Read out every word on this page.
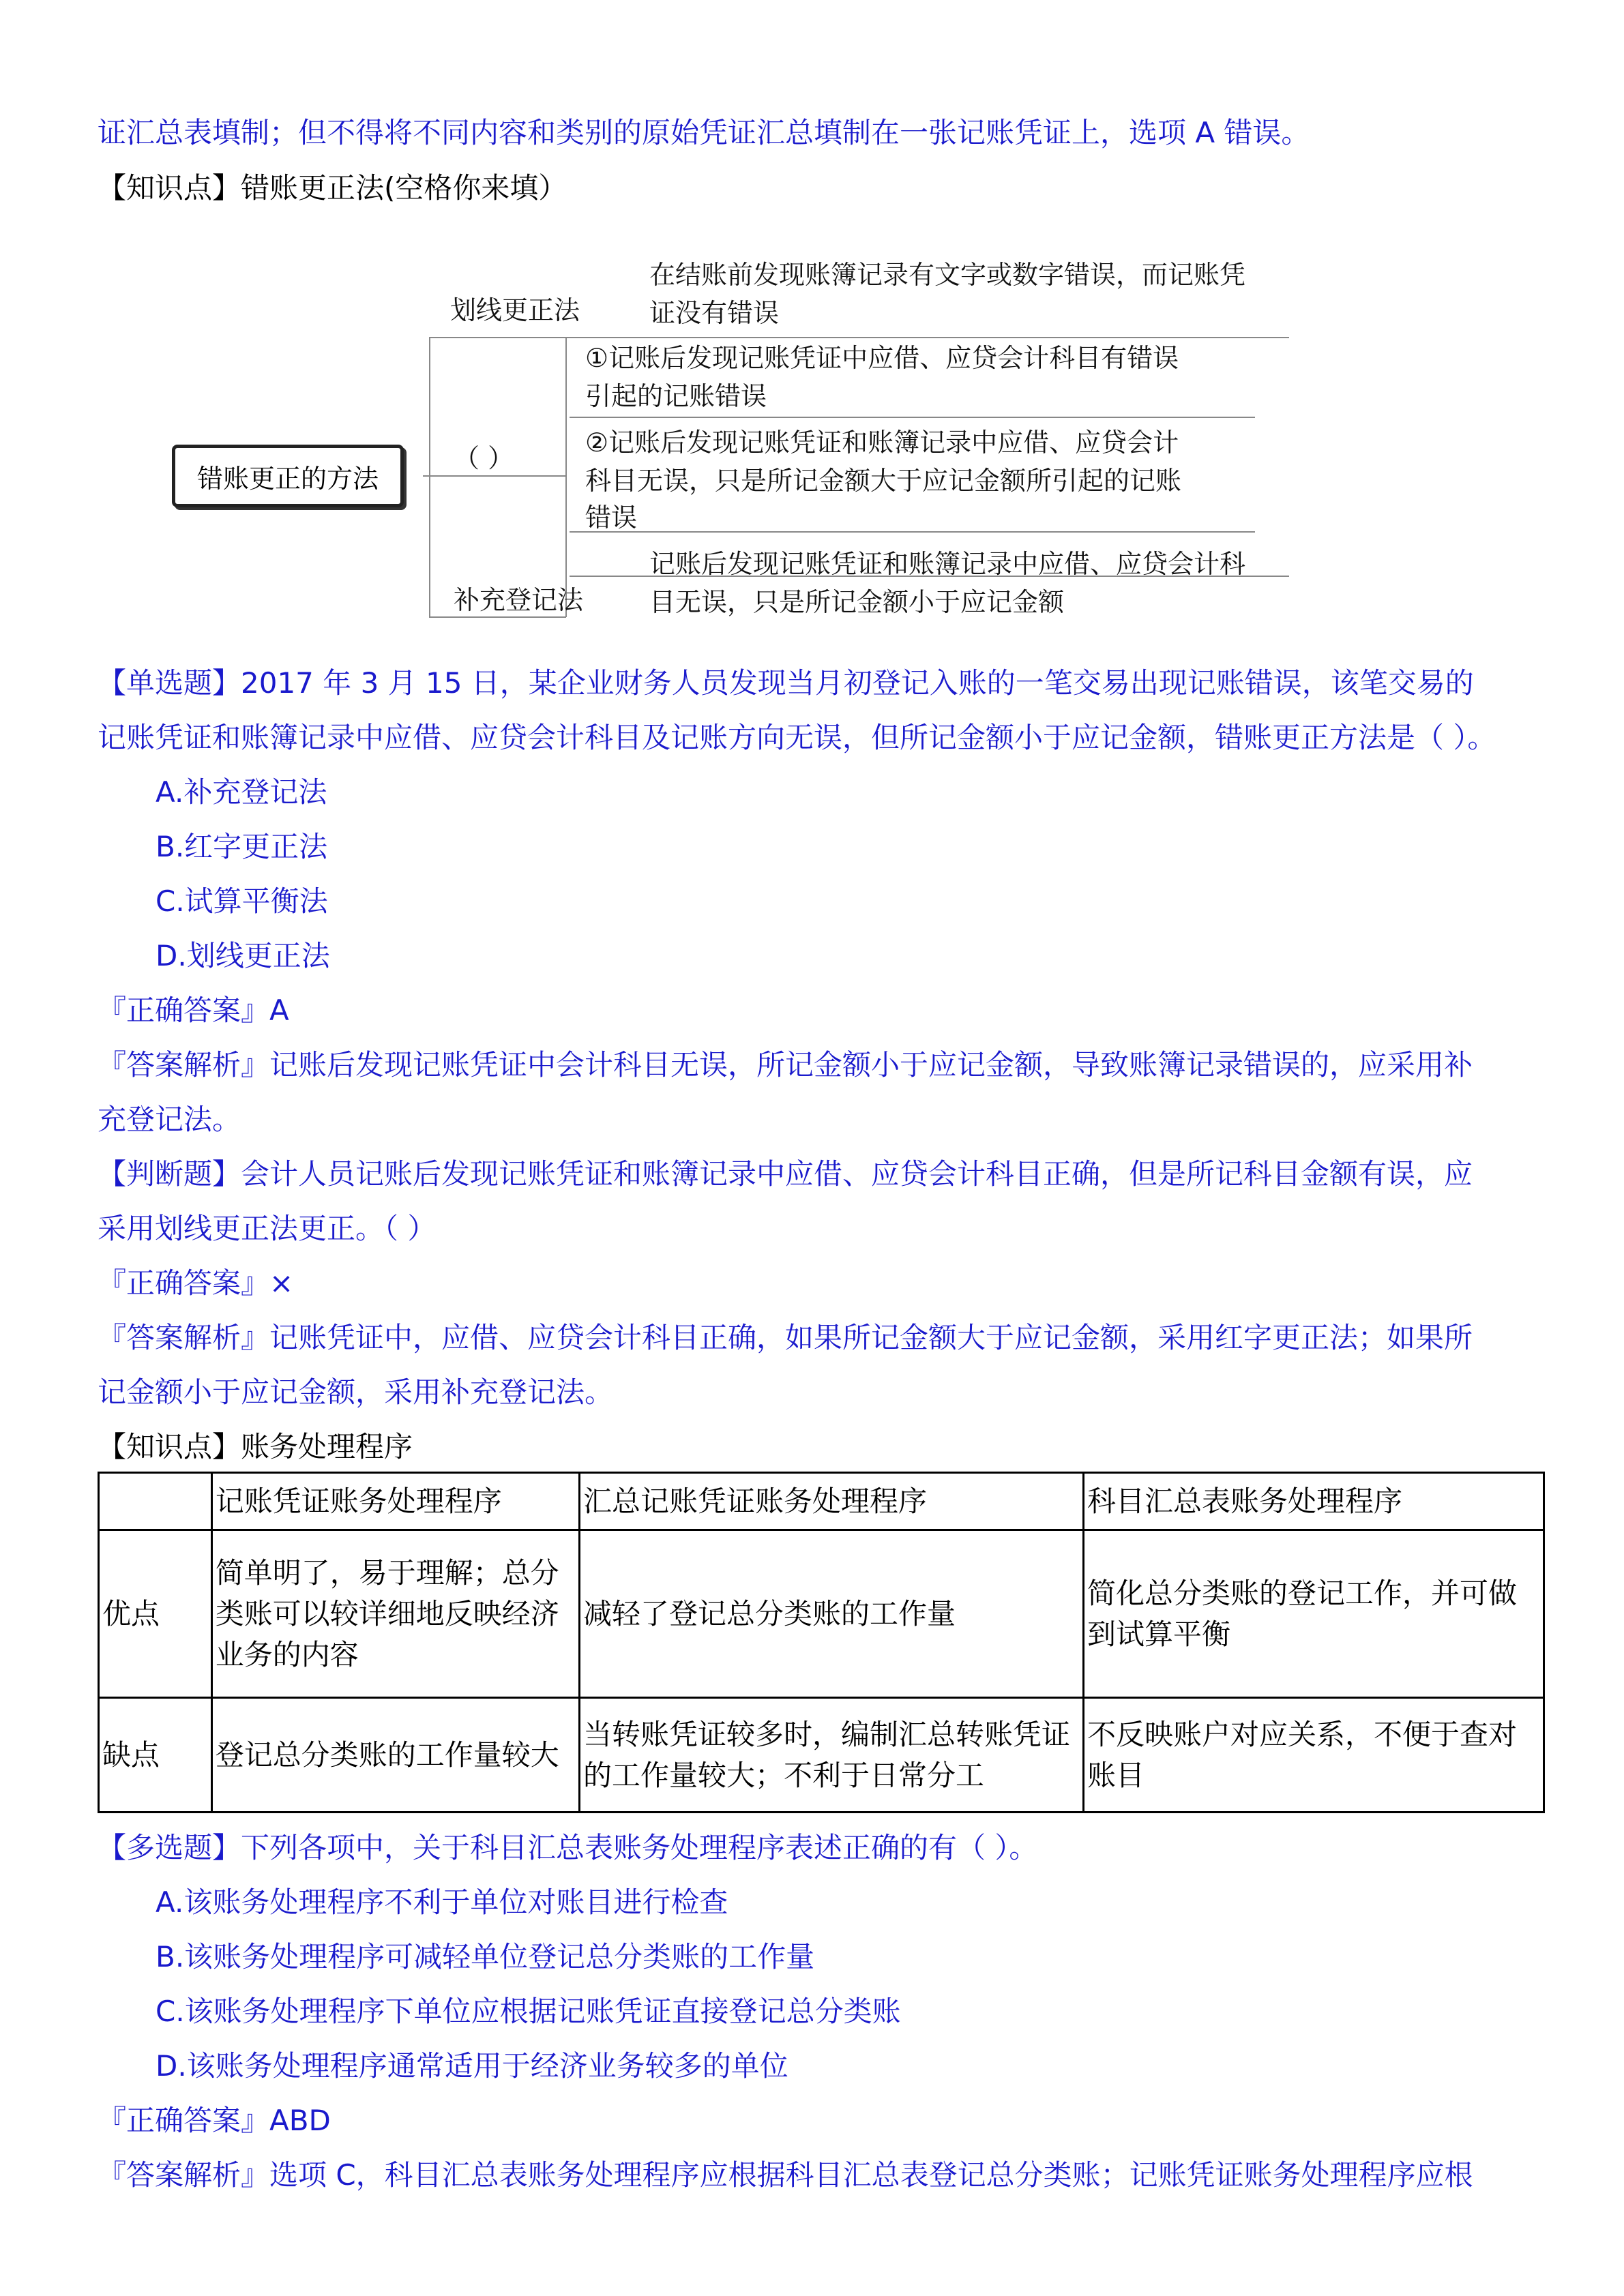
证汇总表填制；但不得将不同内容和类别的原始凭证汇总填制在一张记账凭证上，选项 A 错误。
【知识点】错账更正法(空格你来填）
错账更正的方法
划线更正法
在结账前发现账簿记录有文字或数字错误，而记账凭
证没有错误
（ ）
①记账后发现记账凭证中应借、应贷会计科目有错误
引起的记账错误
②记账后发现记账凭证和账簿记录中应借、应贷会计
科目无误，只是所记金额大于应记金额所引起的记账
错误
补充登记法
记账后发现记账凭证和账簿记录中应借、应贷会计科
目无误，只是所记金额小于应记金额
【单选题】2017 年 3 月 15 日，某企业财务人员发现当月初登记入账的一笔交易出现记账错误，该笔交易的
记账凭证和账簿记录中应借、应贷会计科目及记账方向无误，但所记金额小于应记金额，错账更正方法是（ ）。
A.补充登记法
B.红字更正法
C.试算平衡法
D.划线更正法
『正确答案』A
『答案解析』记账后发现记账凭证中会计科目无误，所记金额小于应记金额，导致账簿记录错误的，应采用补
充登记法。
【判断题】会计人员记账后发现记账凭证和账簿记录中应借、应贷会计科目正确，但是所记科目金额有误，应
采用划线更正法更正。（ ）
『正确答案』×
『答案解析』记账凭证中，应借、应贷会计科目正确，如果所记金额大于应记金额，采用红字更正法；如果所
记金额小于应记金额，采用补充登记法。
【知识点】账务处理程序
	记账凭证账务处理程序	汇总记账凭证账务处理程序	科目汇总表账务处理程序
优点	简单明了，易于理解；总分类账可以较详细地反映经济业务的内容	减轻了登记总分类账的工作量	简化总分类账的登记工作，并可做到试算平衡
缺点	登记总分类账的工作量较大	当转账凭证较多时，编制汇总转账凭证的工作量较大；不利于日常分工	不反映账户对应关系，不便于查对账目
【多选题】下列各项中，关于科目汇总表账务处理程序表述正确的有（ ）。
A.该账务处理程序不利于单位对账目进行检查
B.该账务处理程序可减轻单位登记总分类账的工作量
C.该账务处理程序下单位应根据记账凭证直接登记总分类账
D.该账务处理程序通常适用于经济业务较多的单位
『正确答案』ABD
『答案解析』选项 C，科目汇总表账务处理程序应根据科目汇总表登记总分类账；记账凭证账务处理程序应根
